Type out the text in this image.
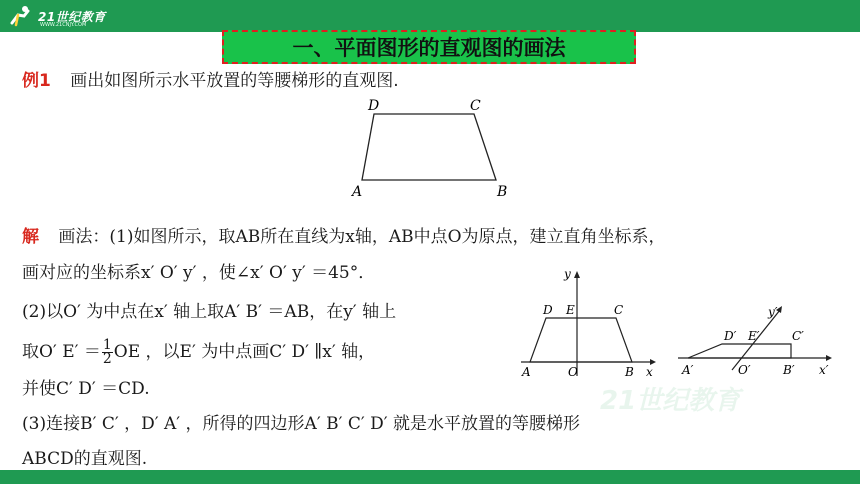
21世纪教育
WWW.21CNJY.COM
一、平面图形的直观图的画法
例1 画出如图所示水平放置的等腰梯形的直观图.
D	C
A	B
解 画法：(1)如图所示，取AB所在直线为x轴，AB中点O为原点，建立直角坐标系，
画对应的坐标系x′ O′ y′ ，使∠x′ O′ y′ ＝45°．
(2)以O′ 为中点在x′ 轴上取A′ B′ ＝AB，在y′ 轴上
取O′ $E' = \frac{1}{2}$ OE ，以E′ 为中点画C′ D′ ∥x′ 轴，
并使C′ D′ ＝CD.
(3)连接B′ C′ ，D′ A′ ，所得的四边形A′ B′ C′ D′ 就是水平放置的等腰梯形
ABCD的直观图.
y
D E	C
A	O	B x
y′
D′ E′	C′
A′	O′	B′ x′
21世纪教育
